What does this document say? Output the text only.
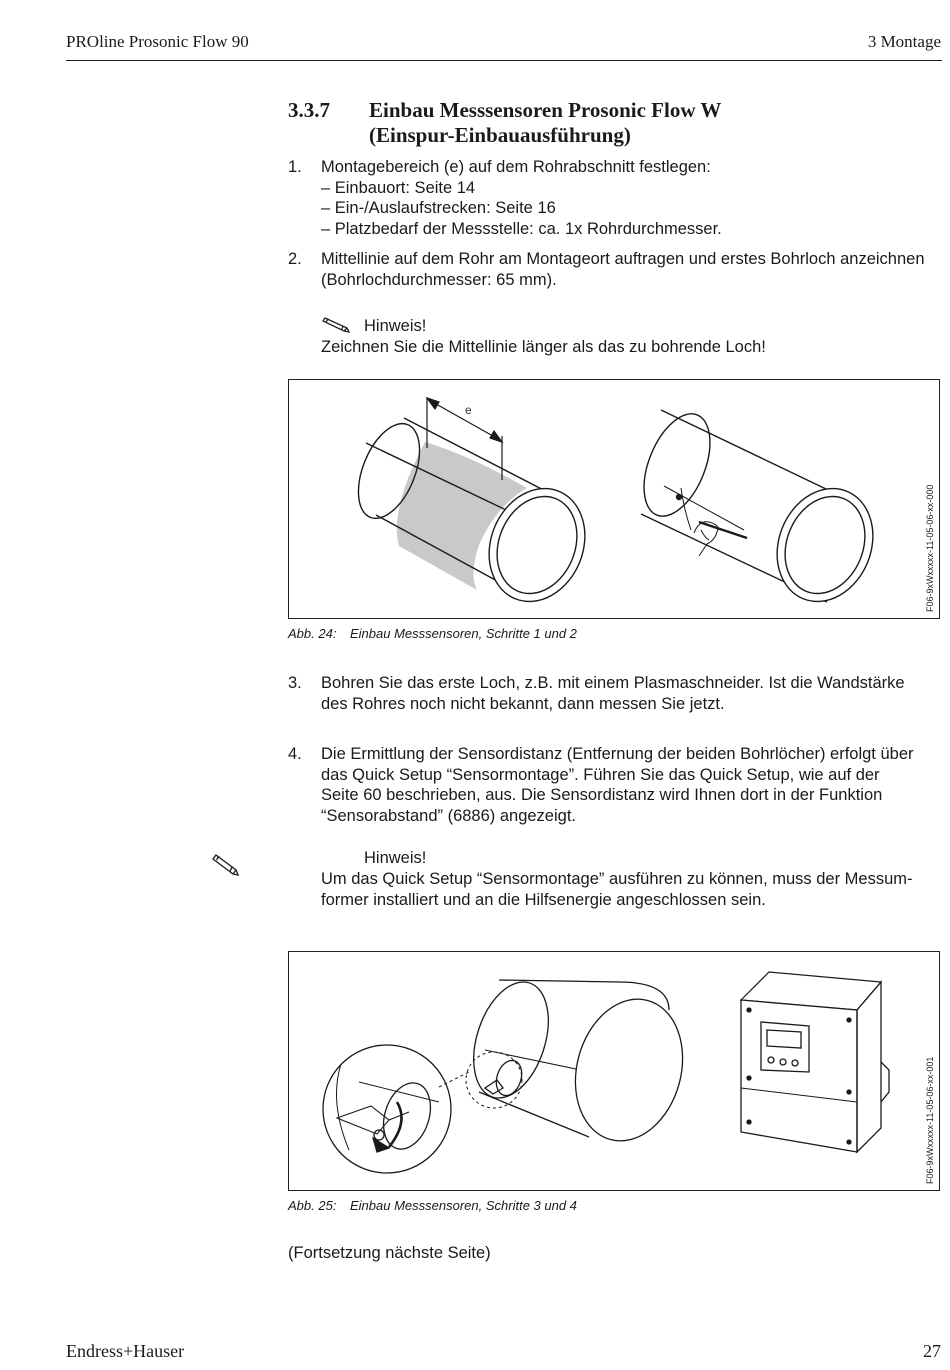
PROline Prosonic Flow 90	3 Montage
3.3.7 Einbau Messsensoren Prosonic Flow W
(Einspur-Einbauausführung)
1. Montagebereich (e) auf dem Rohrabschnitt festlegen:
– Einbauort: Seite 14
– Ein-/Auslaufstrecken: Seite 16
– Platzbedarf der Messstelle: ca. 1x Rohrdurchmesser.
2. Mittellinie auf dem Rohr am Montageort auftragen und erstes Bohrloch anzeichnen
(Bohrlochdurchmesser: 65 mm).
Hinweis!
Zeichnen Sie die Mittellinie länger als das zu bohrende Loch!
e
F06-9xWxxxxx-11-05-06-xx-000
Abb. 24: Einbau Messsensoren, Schritte 1 und 2
3. Bohren Sie das erste Loch, z.B. mit einem Plasmaschneider. Ist die Wandstärke
des Rohres noch nicht bekannt, dann messen Sie jetzt.
4. Die Ermittlung der Sensordistanz (Entfernung der beiden Bohrlöcher) erfolgt über
das Quick Setup “Sensormontage”. Führen Sie das Quick Setup, wie auf der
Seite 60 beschrieben, aus. Die Sensordistanz wird Ihnen dort in der Funktion
“Sensorabstand” (6886) angezeigt.
Hinweis!
Um das Quick Setup “Sensormontage” ausführen zu können, muss der Messum-
former installiert und an die Hilfsenergie angeschlossen sein.
F06-9xWxxxxx-11-05-06-xx-001
Abb. 25: Einbau Messsensoren, Schritte 3 und 4
(Fortsetzung nächste Seite)
Endress+Hauser	27
